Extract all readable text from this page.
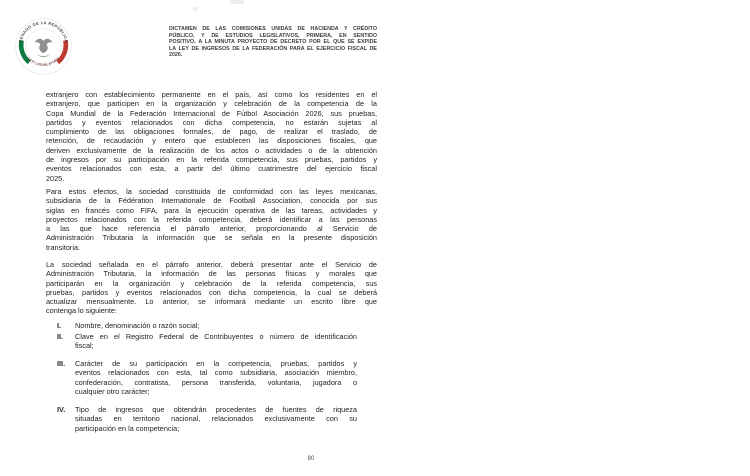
SENADO DE LA REPÚBLICA
LXVI LEGISLATURA
DICTAMEN DE LAS COMISIONES UNIDAS DE HACIENDA Y CRÉDITO
PÚBLICO, Y DE ESTUDIOS LEGISLATIVOS, PRIMERA, EN SENTIDO
POSITIVO, A LA MINUTA PROYECTO DE DECRETO POR EL QUE SE EXPIDE
LA LEY DE INGRESOS DE LA FEDERACIÓN PARA EL EJERCICIO FISCAL DE
2026.
extranjero con establecimiento permanente en el país, así como los residentes en el
extranjero, que participen en la organización y celebración de la competencia de la
Copa Mundial de la Federación Internacional de Fútbol Asociación 2026, sus pruebas,
partidos y eventos relacionados con dicha competencia, no estarán sujetas al
cumplimiento de las obligaciones formales, de pago, de realizar el traslado, de
retención, de recaudación y entero que establecen las disposiciones fiscales, que
deriven exclusivamente de la realización de los actos o actividades o de la obtención
de ingresos por su participación en la referida competencia, sus pruebas, partidos y
eventos relacionados con esta, a partir del último cuatrimestre del ejercicio fiscal
2025.
Para estos efectos, la sociedad constituida de conformidad con las leyes mexicanas,
subsidiaria de la Fédération Internationale de Football Association, conocida por sus
siglas en francés como FIFA, para la ejecución operativa de las tareas, actividades y
proyectos relacionados con la referida competencia, deberá identificar a las personas
a las que hace referencia el párrafo anterior, proporcionando al Servicio de
Administración Tributaria la información que se señala en la presente disposición
transitoria.
La sociedad señalada en el párrafo anterior, deberá presentar ante el Servicio de
Administración Tributaria, la información de las personas físicas y morales que
participarán en la organización y celebración de la referida competencia, sus
pruebas, partidos y eventos relacionados con dicha competencia, la cual se deberá
actualizar mensualmente. Lo anterior, se informará mediante un escrito libre que
contenga lo siguiente:
I.	Nombre, denominación o razón social;
II.	Clave en el Registro Federal de Contribuyentes o número de identificación
fiscal;
III.	Carácter de su participación en la competencia, pruebas, partidos y
eventos relacionados con esta, tal como subsidiaria, asociación miembro,
confederación, contratista, persona transferida, voluntaria, jugadora o
cualquier otro carácter;
IV.	Tipo de ingresos que obtendrán procedentes de fuentes de riqueza
situadas en territorio nacional, relacionados exclusivamente con su
participación en la competencia;
80
